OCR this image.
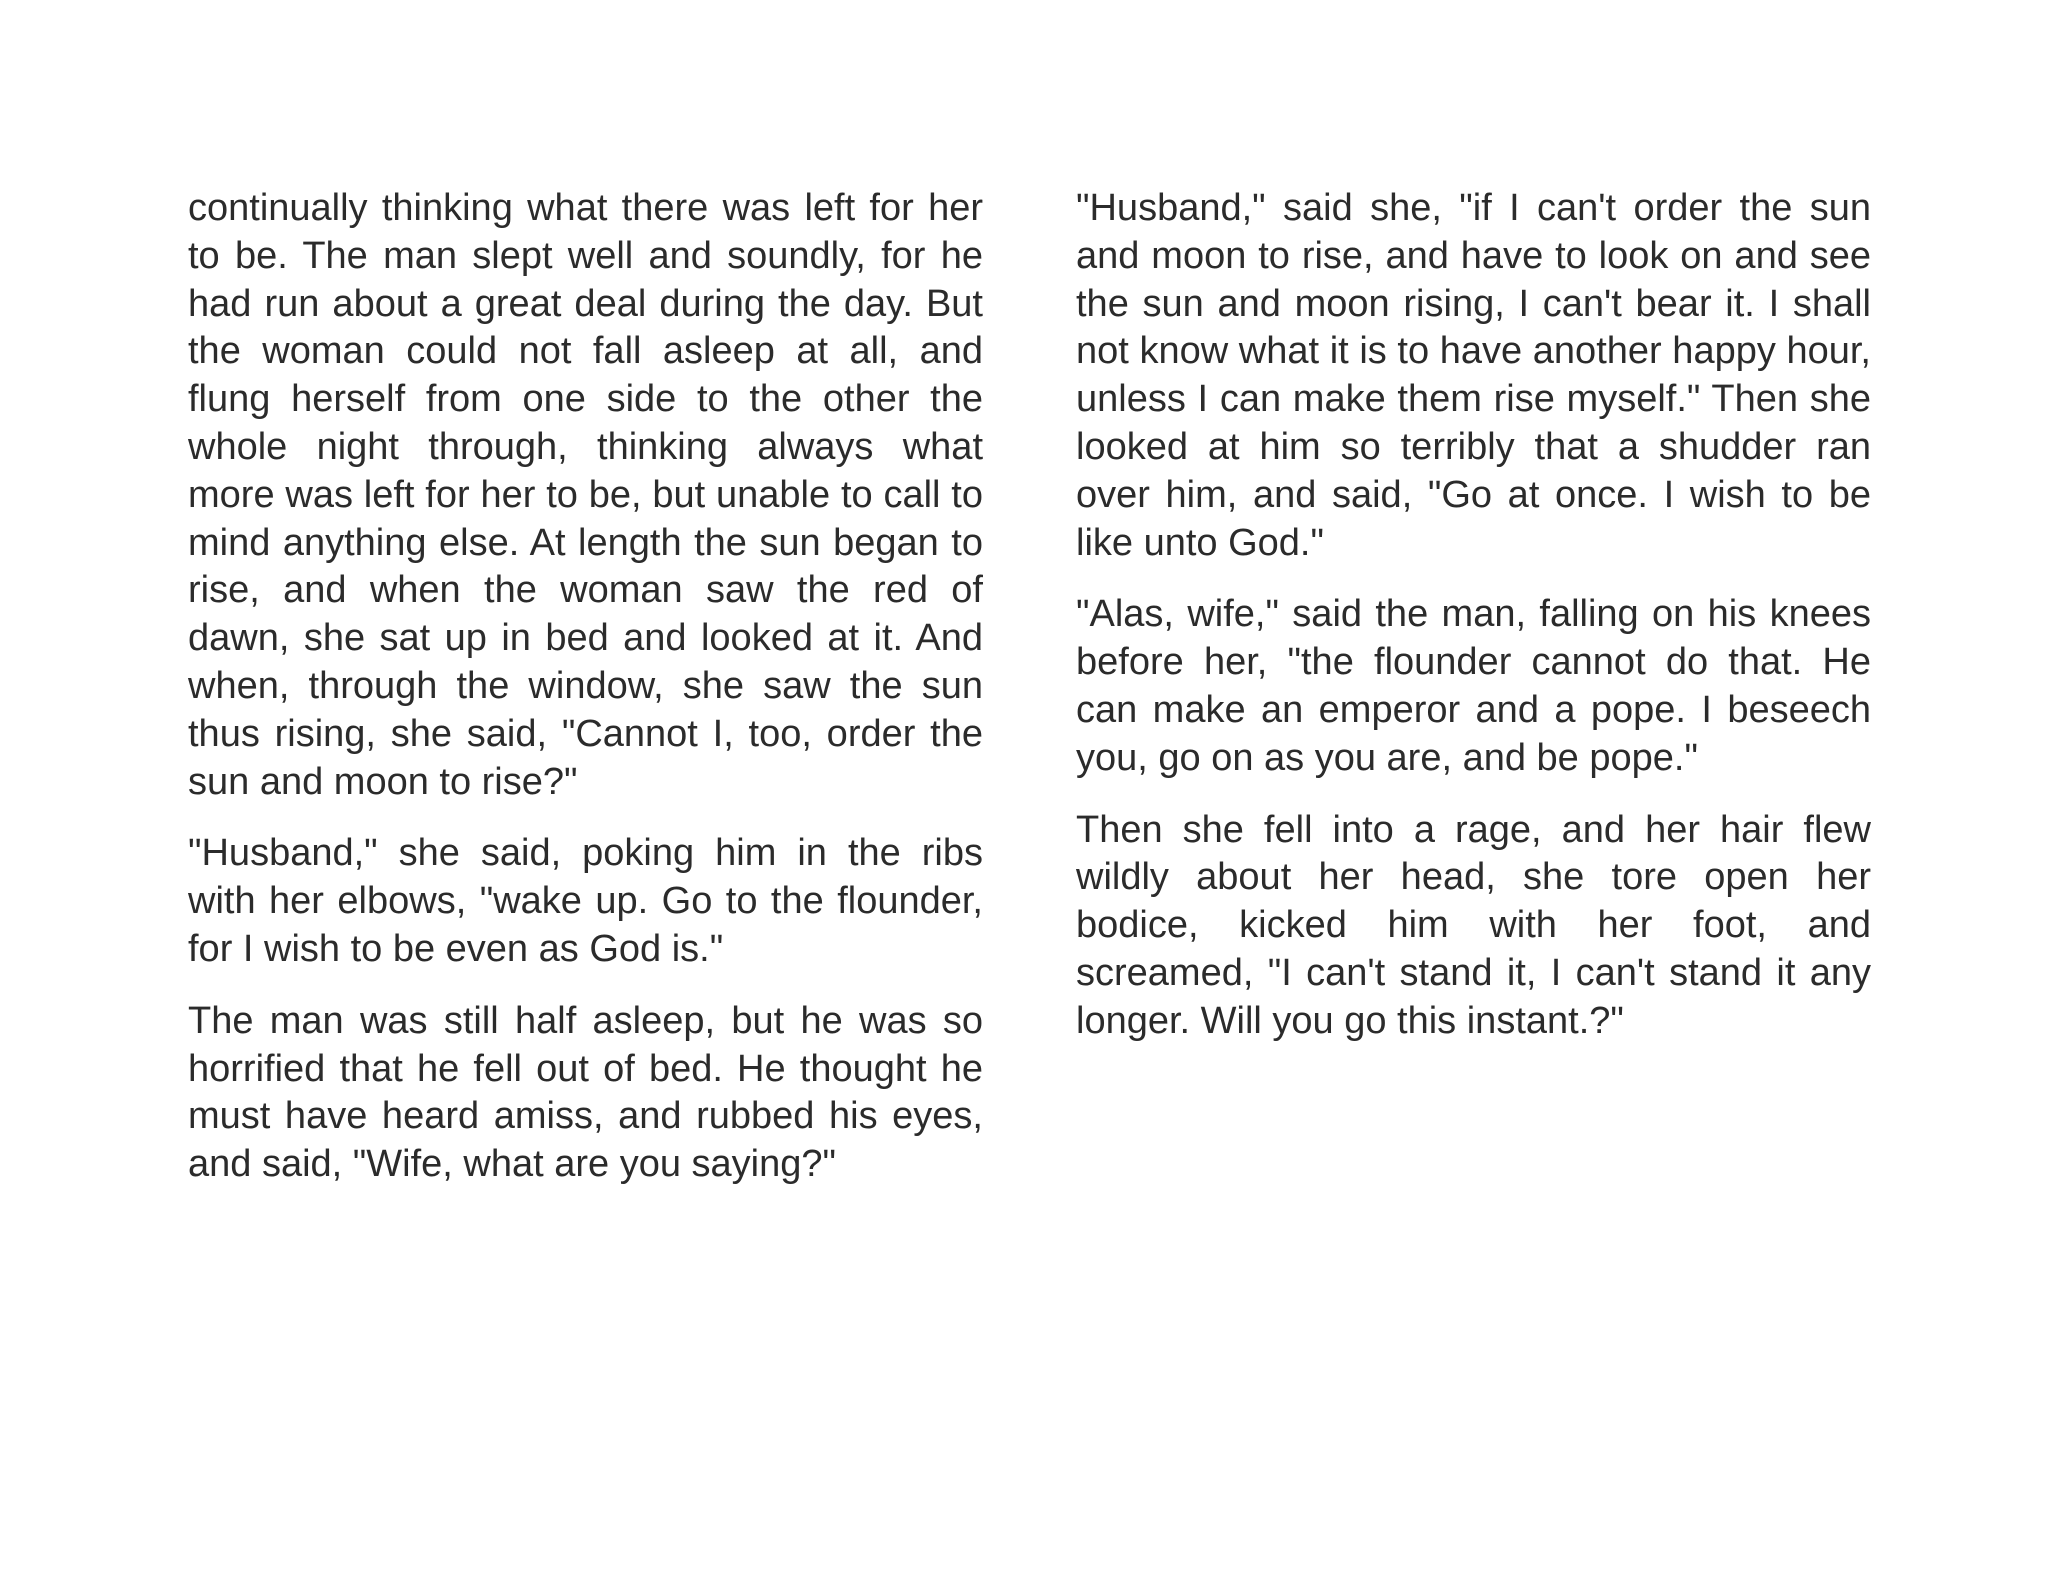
continually thinking what there was left for her to be. The man slept well and soundly, for he had run about a great deal during the day. But the woman could not fall asleep at all, and flung herself from one side to the other the whole night through, thinking always what more was left for her to be, but unable to call to mind anything else. At length the sun began to rise, and when the woman saw the red of dawn, she sat up in bed and looked at it. And when, through the window, she saw the sun thus rising, she said, "Cannot I, too, order the sun and moon to rise?"

"Husband," she said, poking him in the ribs with her elbows, "wake up. Go to the flounder, for I wish to be even as God is."

The man was still half asleep, but he was so horrified that he fell out of bed. He thought he must have heard amiss, and rubbed his eyes, and said, "Wife, what are you saying?"

"Husband," said she, "if I can't order the sun and moon to rise, and have to look on and see the sun and moon rising, I can't bear it. I shall not know what it is to have another happy hour, unless I can make them rise myself." Then she looked at him so terribly that a shudder ran over him, and said, "Go at once. I wish to be like unto God."

"Alas, wife," said the man, falling on his knees before her, "the flounder cannot do that. He can make an emperor and a pope. I beseech you, go on as you are, and be pope."

Then she fell into a rage, and her hair flew wildly about her head, she tore open her bodice, kicked him with her foot, and screamed, "I can't stand it, I can't stand it any longer. Will you go this instant.?"
